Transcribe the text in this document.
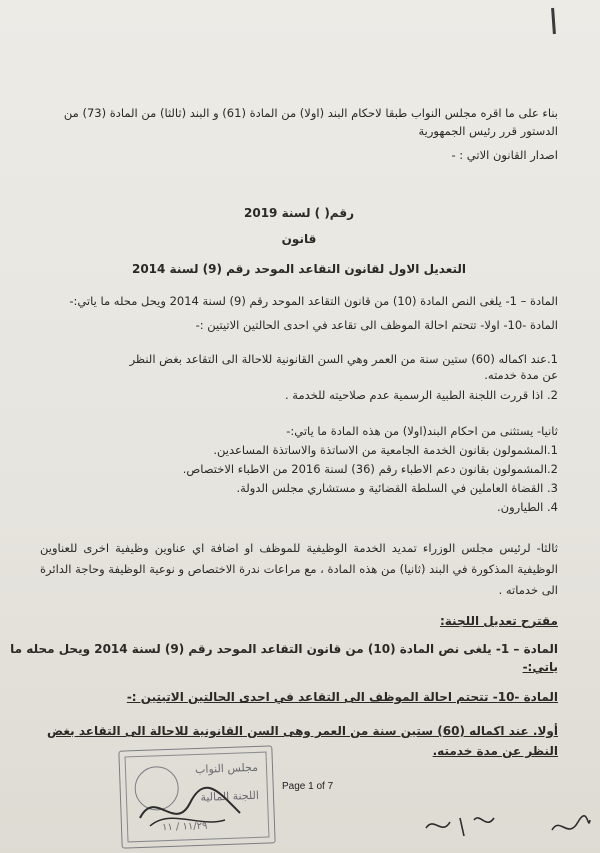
بناء على ما اقره مجلس النواب طبقا لاحكام البند (اولا) من المادة (61) و البند (ثالثا) من المادة (73) من
الدستور قرر رئيس الجمهورية
اصدار القانون الاتي : -
رقم( ) لسنة 2019
قانون
التعديل الاول لقانون التقاعد الموحد رقم (9) لسنة 2014
المادة – 1- يلغى النص المادة (10) من قانون التقاعد الموحد رقم (9) لسنة 2014 ويحل محله ما ياتي:-
المادة -10- اولا- تتحتم احالة الموظف الى تقاعد في احدى الحالتين الاتيتين :-
1.عند اكماله (60) ستين سنة من العمر وهي السن القانونية للاحالة الى التقاعد بغض النظر
عن مدة خدمته.
2. اذا قررت اللجنة الطبية الرسمية عدم صلاحيته للخدمة .
ثانيا- يستثنى من احكام البند(اولا) من هذه المادة ما ياتي:-
1.المشمولون بقانون الخدمة الجامعية من الاساتذة والاساتذة المساعدين.
2.المشمولون بقانون دعم الاطباء رقم (36) لسنة 2016 من الاطباء الاختصاص.
3. القضاة العاملين في السلطة القضائية و مستشاري مجلس الدولة.
4. الطيارون.
ثالثا- لرئيس مجلس الوزراء تمديد الخدمة الوظيفية للموظف او اضافة اي عناوين وظيفية اخرى للعناوين الوظيفية المذكورة في البند (ثانيا) من هذه المادة ، مع مراعات ندرة الاختصاص و نوعية الوظيفة وحاجة الدائرة الى خدماته .
مقترح تعديل اللجنة:
المادة – 1- يلغى نص المادة (10) من قانون التقاعد الموحد رقم (9) لسنة 2014 ويحل محله ما
ياتي:-
المادة -10- تتحتم احالة الموظف الى التقاعد في احدى الحالتين الاتيتين :-
أولا. عند اكماله (60) ستين سنة من العمر وهى السن القانونية للاحالة الى التقاعد بغض
النظر عن مدة خدمته.
مجلس النواب
اللجنة المالية
١١/٢٩ / ١١
Page 1 of 7
